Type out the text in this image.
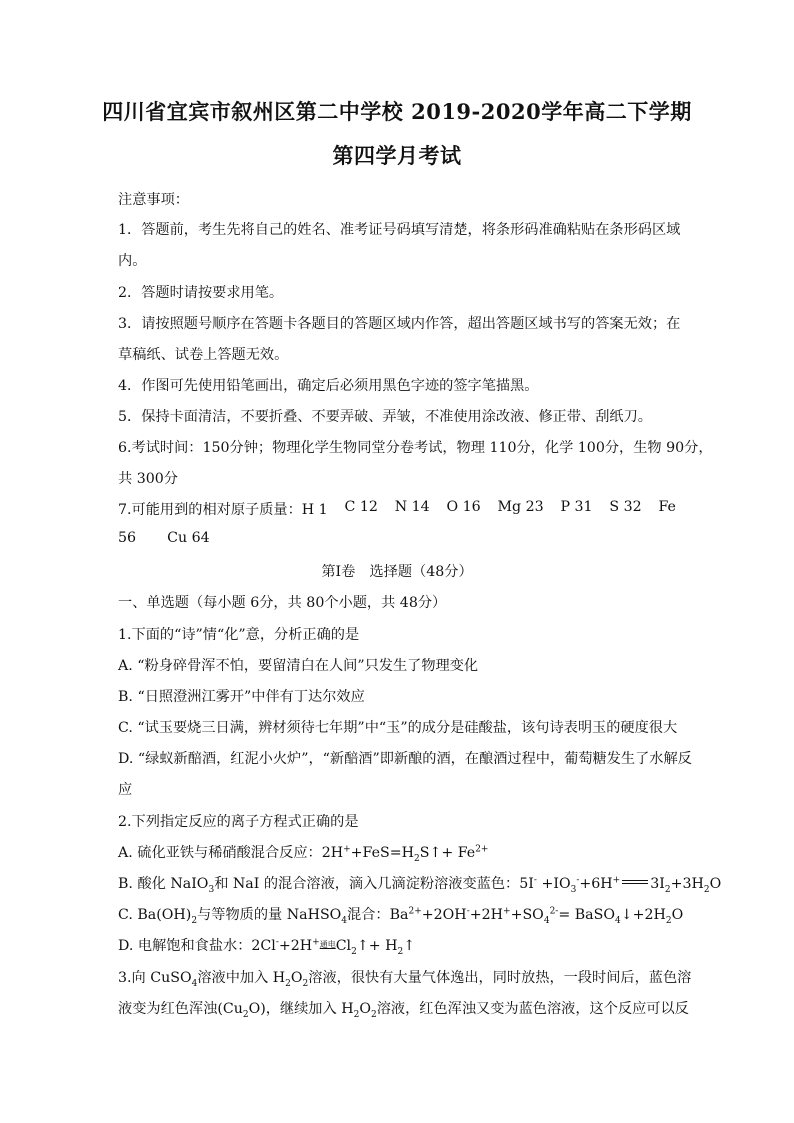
四川省宜宾市叙州区第二中学校 2019-2020学年高二下学期
第四学月考试
注意事项：
1．答题前，考生先将自己的姓名、准考证号码填写清楚，将条形码准确粘贴在条形码区域
内。
2．答题时请按要求用笔。
3．请按照题号顺序在答题卡各题目的答题区域内作答，超出答题区域书写的答案无效；在
草稿纸、试卷上答题无效。
4．作图可先使用铅笔画出，确定后必须用黑色字迹的签字笔描黑。
5．保持卡面清洁，不要折叠、不要弄破、弄皱，不准使用涂改液、修正带、刮纸刀。
6.考试时间：150分钟；物理化学生物同堂分卷考试，物理 110分，化学 100分，生物 90分，
共 300分
7.可能用到的相对原子质量：H 1 C 12 N 14 O 16 Mg 23 P 31 S 32 Fe
56 Cu 64
第Ⅰ卷　选择题（48分）
一、单选题（每小题 6分，共 80个小题，共 48分）
1.下面的“诗”情“化”意，分析正确的是
A. “粉身碎骨浑不怕，要留清白在人间”只发生了物理变化
B. “日照澄洲江雾开”中伴有丁达尔效应
C. “试玉要烧三日满，辨材须待七年期”中“玉”的成分是硅酸盐，该句诗表明玉的硬度很大
D. “绿蚁新醅酒，红泥小火炉”，“新醅酒”即新酿的酒，在酿酒过程中，葡萄糖发生了水解反
应
2.下列指定反应的离子方程式正确的是
A. 硫化亚铁与稀硝酸混合反应：$2H^++FeS=H_2S↑+ Fe^{2+}$
B. 酸化 NaIO$_3$和 NaI 的混合溶液，滴入几滴淀粉溶液变蓝色：$5I^- +IO_3^-+6H^+$ $3I_2+3H_2O$
C. $Ba(OH)_2$与等物质的量 NaHSO$_4$混合：$Ba^{2+}+2OH^-+2H^++SO_4^{2-}=$ $BaSO_4↓+2H_2O$
D. 电解饱和食盐水：2Cl-+2H+通电$Cl_2↑+$ $H_2↑$
3.向 CuSO$_4$溶液中加入 $H_2O_2$溶液，很快有大量气体逸出，同时放热，一段时间后，蓝色溶
液变为红色浑浊$(Cu_2O)$，继续加入 $H_2O_2$溶液，红色浑浊又变为蓝色溶液，这个反应可以反
